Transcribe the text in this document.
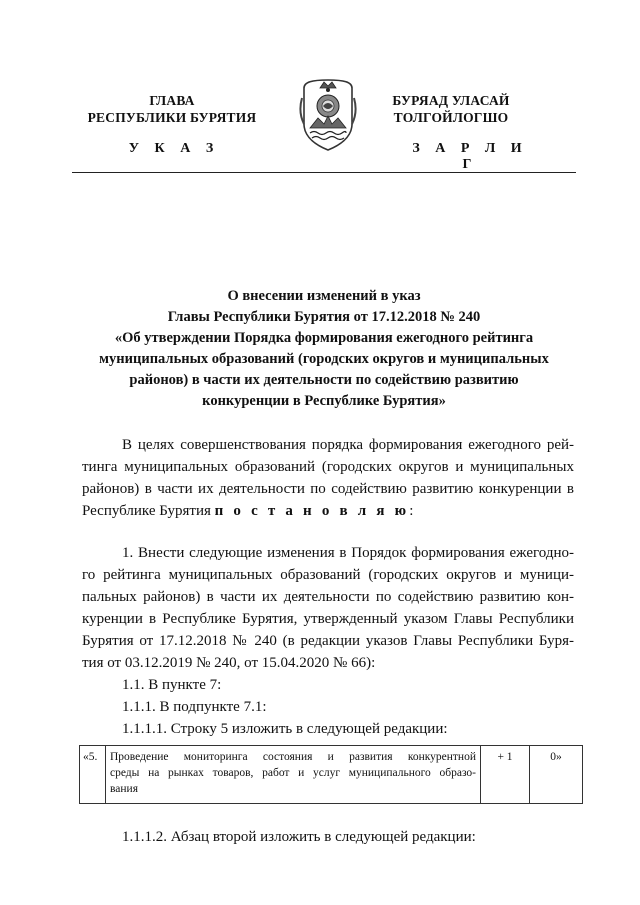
ГЛАВА
РЕСПУБЛИКИ БУРЯТИЯ
БУРЯАД УЛАСАЙ
ТОЛГОЙЛОГШО
У К А З	З А Р Л И Г
О внесении изменений в указ
Главы Республики Бурятия от 17.12.2018 № 240
«Об утверждении Порядка формирования ежегодного рейтинга
муниципальных образований (городских округов и муниципальных
районов) в части их деятельности по содействию развитию
конкуренции в Республике Бурятия»
В целях совершенствования порядка формирования ежегодного рей-
тинга муниципальных образований (городских округов и муниципальных
районов) в части их деятельности по содействию развитию конкуренции в
Республике Бурятия п о с т а н о в л я ю:
1. Внести следующие изменения в Порядок формирования ежегодно-
го рейтинга муниципальных образований (городских округов и муници-
пальных районов) в части их деятельности по содействию развитию кон-
куренции в Республике Бурятия, утвержденный указом Главы Республики
Бурятия от 17.12.2018 № 240 (в редакции указов Главы Республики Буря-
тия от 03.12.2019 № 240, от 15.04.2020 № 66):
1.1. В пункте 7:
1.1.1. В подпункте 7.1:
1.1.1.1. Строку 5 изложить в следующей редакции:
«5.	Проведение мониторинга состояния и развития конкурентной
среды на рынках товаров, работ и услуг муниципального образо-
вания
	+ 1	0»
1.1.1.2. Абзац второй изложить в следующей редакции:
